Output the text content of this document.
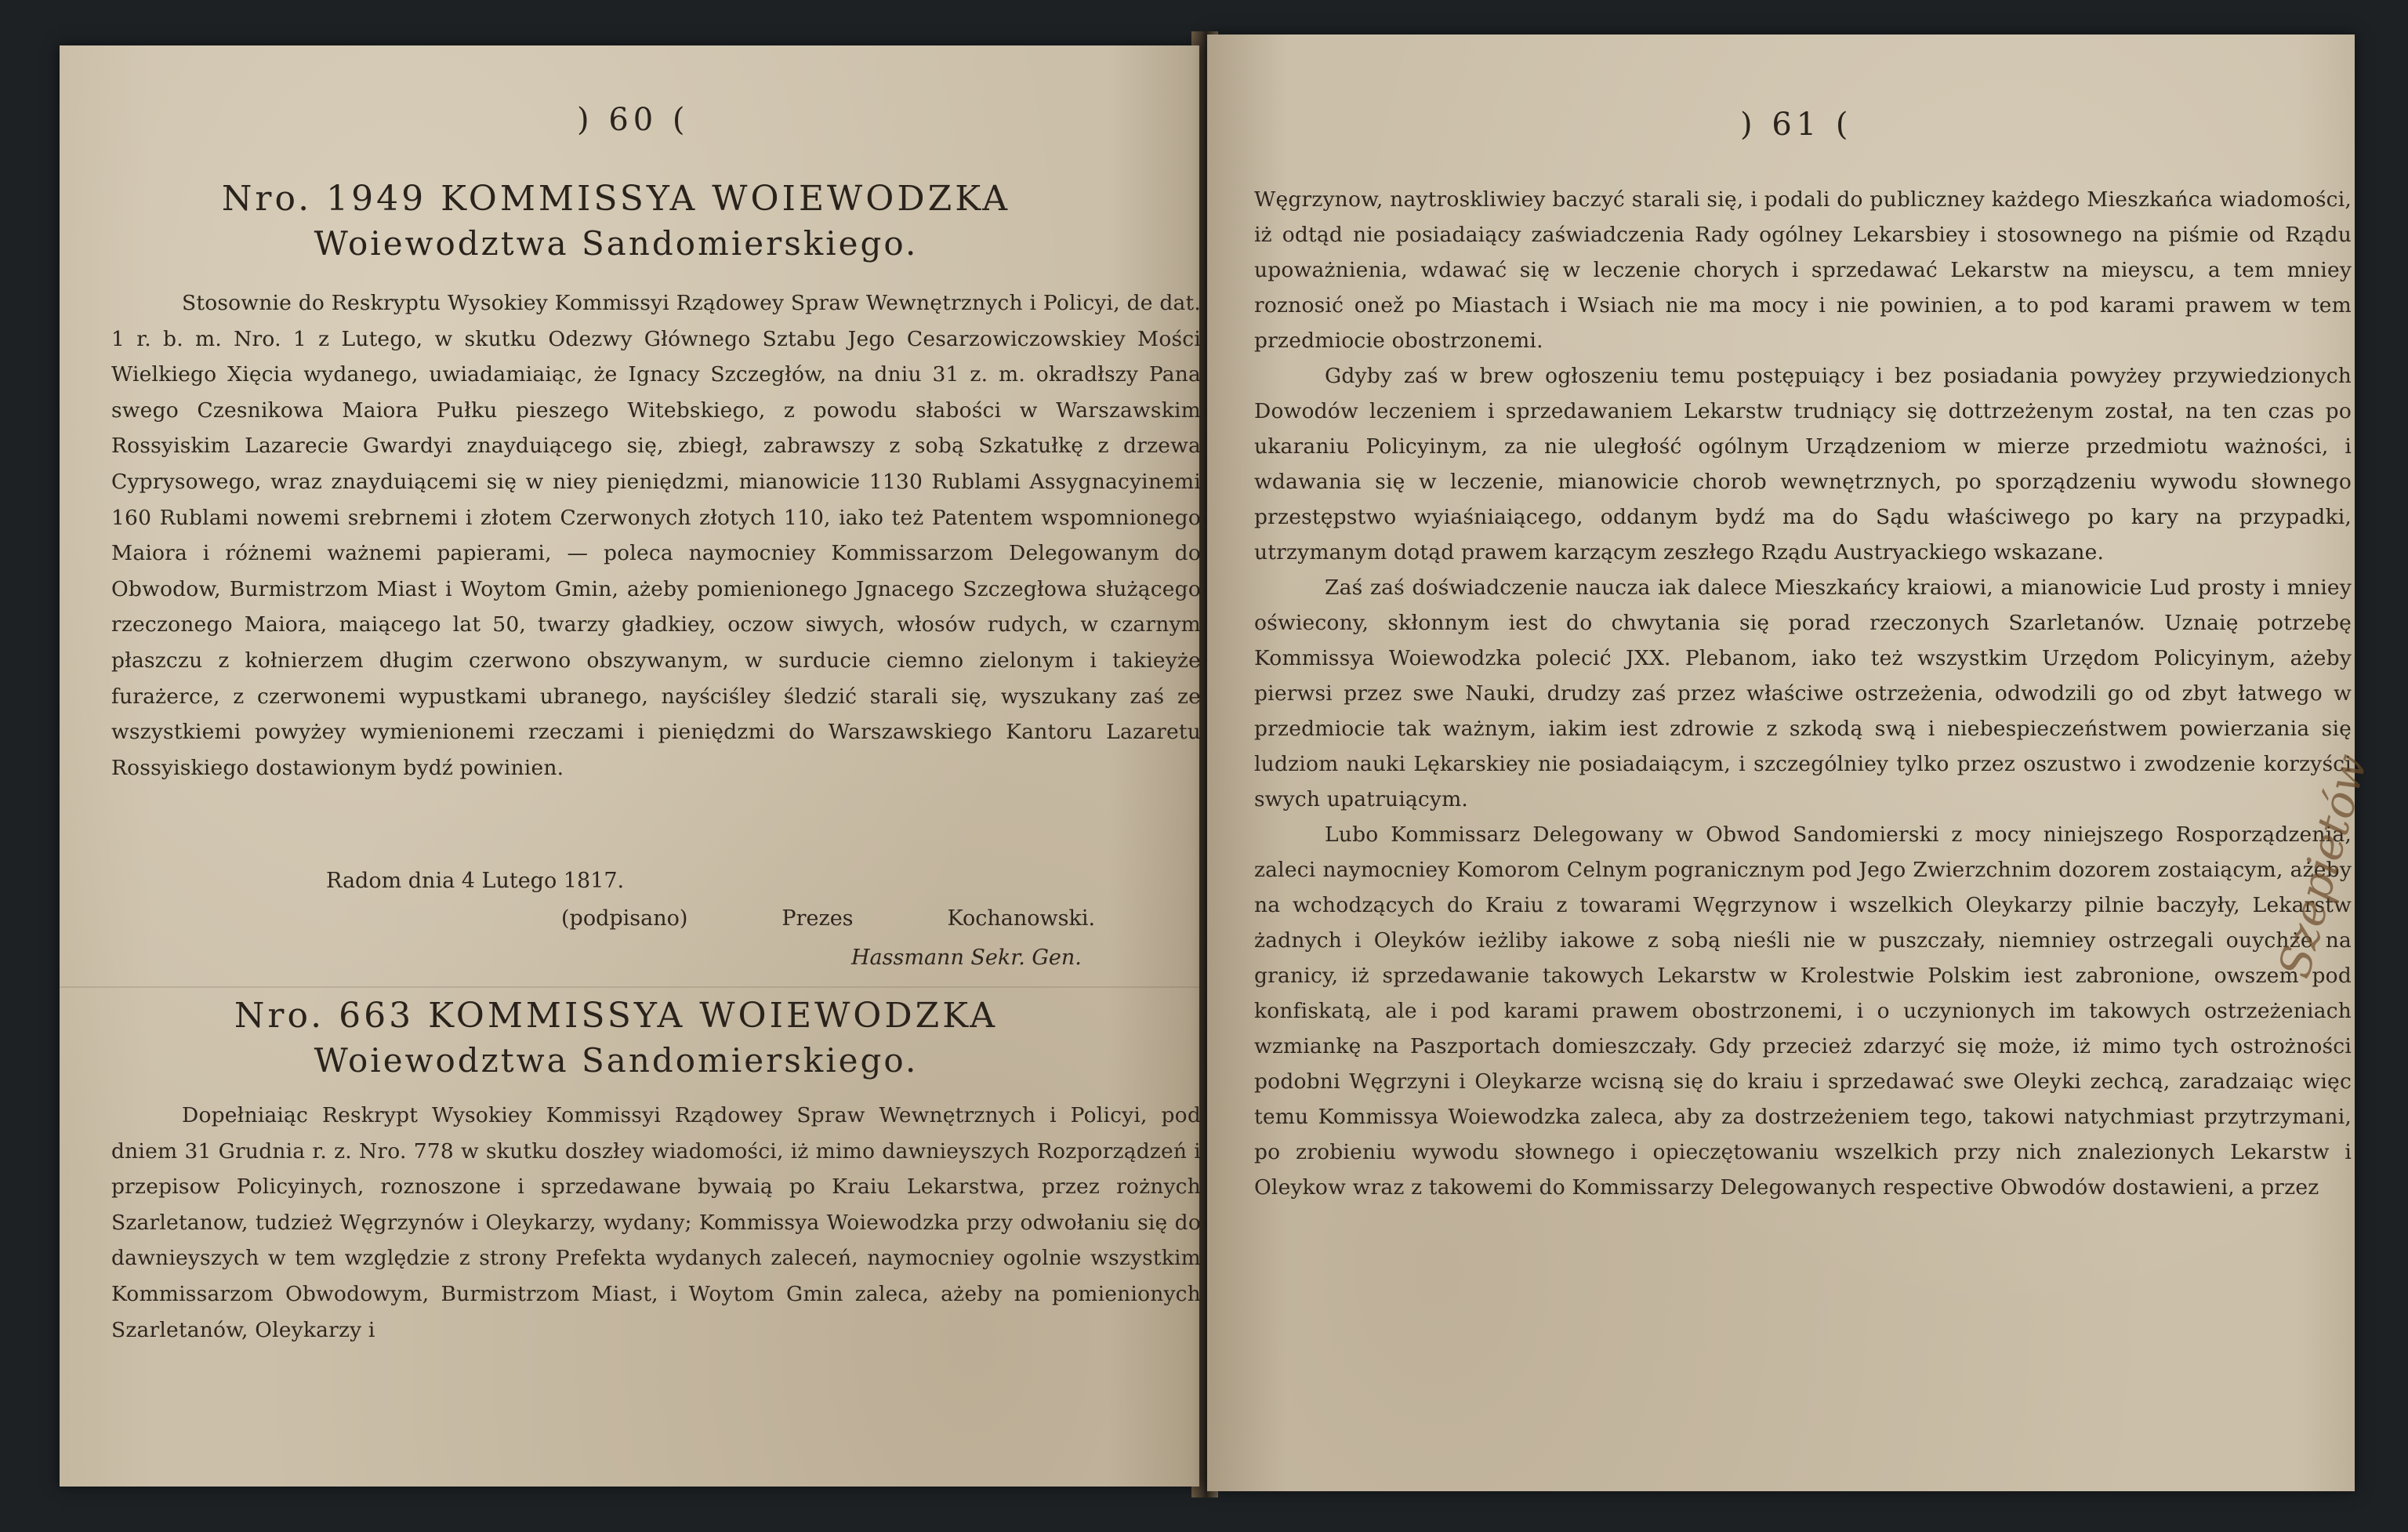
) 60 (
Nro. 1949 KOMMISSYA WOIEWODZKA
Woiewodztwa Sandomierskiego.

Stosownie do Reskryptu Wysokiey Kommissyi Rządowey Spraw Wewnętrznych i Policyi, de dat. 1 r. b. m. Nro. 1 z Lutego, w skutku Odezwy Głównego Sztabu Jego Cesarzowiczowskiey Mości Wielkiego Xięcia wydanego, uwiadamiaiąc, że Ignacy Szczegłów, na dniu 31 z. m. okradłszy Pana swego Czesnikowa Maiora Pułku pieszego Witebskiego, z powodu słabości w Warszawskim Rossyiskim Lazarecie Gwardyi znayduiącego się, zbiegł, zabrawszy z sobą Szkatułkę z drzewa Cyprysowego, wraz znayduiącemi się w niey pieniędzmi, mianowicie 1130 Rublami Assygnacyinemi 160 Rublami nowemi srebrnemi i złotem Czerwonych złotych 110, iako też Patentem wspomnionego Maiora i różnemi ważnemi papierami, — poleca naymocniey Kommissarzom Delegowanym do Obwodow, Burmistrzom Miast i Woytom Gmin, ażeby pomienionego Jgnacego Szczegłowa służącego rzeczonego Maiora, maiącego lat 50, twarzy gładkiey, oczow siwych, włosów rudych, w czarnym płaszczu z kołnierzem długim czerwono obszywanym, w surducie ciemno zielonym i takieyże furażerce, z czerwonemi wypustkami ubranego, nayściśley śledzić starali się, wyszukany zaś ze wszystkiemi powyżey wymienionemi rzeczami i pieniędzmi do Warszawskiego Kantoru Lazaretu Rossyiskiego dostawionym bydź powinien.

Radom dnia 4 Lutego 1817.
(podpisano)	Prezes	Kochanowski.
Hassmann Sekr. Gen.
Nro. 663 KOMMISSYA WOIEWODZKA
Woiewodztwa Sandomierskiego.

Dopełniaiąc Reskrypt Wysokiey Kommissyi Rządowey Spraw Wewnętrznych i Policyi, pod dniem 31 Grudnia r. z. Nro. 778 w skutku doszłey wiadomości, iż mimo dawnieyszych Rozporządzeń i przepisow Policyinych, roznoszone i sprzedawane bywaią po Kraiu Lekarstwa, przez rożnych Szarletanow, tudzież Węgrzynów i Oleykarzy, wydany; Kommissya Woiewodzka przy odwołaniu się do dawnieyszych w tem względzie z strony Prefekta wydanych zaleceń, naymocniey ogolnie wszystkim Kommissarzom Obwodowym, Burmistrzom Miast, i Woytom Gmin zaleca, ażeby na pomienionych Szarletanów, Oleykarzy i

) 61 (

Węgrzynow, naytroskliwiey baczyć starali się, i podali do publiczney każdego Mieszkańca wiadomości, iż odtąd nie posiadaiący zaświadczenia Rady ogólney Lekarsbiey i stosownego na piśmie od Rządu upoważnienia, wdawać się w leczenie chorych i sprzedawać Lekarstw na mieyscu, a tem mniey roznosić onež po Miastach i Wsiach nie ma mocy i nie powinien, a to pod karami prawem w tem przedmiocie obostrzonemi.

Gdyby zaś w brew ogłoszeniu temu postępuiący i bez posiadania powyżey przywiedzionych Dowodów leczeniem i sprzedawaniem Lekarstw trudniący się dottrzeżenym został, na ten czas po ukaraniu Policyinym, za nie uległość ogólnym Urządzeniom w mierze przedmiotu ważności, i wdawania się w leczenie, mianowicie chorob wewnętrznych, po sporządzeniu wywodu słownego przestępstwo wyiaśniaiącego, oddanym bydź ma do Sądu właściwego po kary na przypadki, utrzymanym dotąd prawem karzącym zeszłego Rządu Austryackiego wskazane.

Zaś zaś doświadczenie naucza iak dalece Mieszkańcy kraiowi, a mianowicie Lud prosty i mniey oświecony, skłonnym iest do chwytania się porad rzeczonych Szarletanów. Uznaię potrzebę Kommissya Woiewodzka polecić JXX. Plebanom, iako też wszystkim Urzędom Policyinym, ażeby pierwsi przez swe Nauki, drudzy zaś przez właściwe ostrzeżenia, odwodzili go od zbyt łatwego w przedmiocie tak ważnym, iakim iest zdrowie z szkodą swą i niebespieczeństwem powierzania się ludziom nauki Lękarskiey nie posiadaiącym, i szczególniey tylko przez oszustwo i zwodzenie korzyści swych upatruiącym.

Lubo Kommissarz Delegowany w Obwod Sandomierski z mocy niniejszego Rosporządzenia, zaleci naymocniey Komorom Celnym pogranicznym pod Jego Zwierzchnim dozorem zostaiącym, ażeby na wchodzących do Kraiu z towarami Węgrzynow i wszelkich Oleykarzy pilnie baczyły, Lekarstw żadnych i Oleyków ieżliby iakowe z sobą nieśli nie w puszczały, niemniey ostrzegali ouychże na granicy, iż sprzedawanie takowych Lekarstw w Krolestwie Polskim iest zabronione, owszem pod konfiskatą, ale i pod karami prawem obostrzonemi, i o uczynionych im takowych ostrzeżeniach wzmiankę na Paszportach domieszczały. Gdy przecież zdarzyć się może, iż mimo tych ostrożności podobni Węgrzyni i Oleykarze wcisną się do kraiu i sprzedawać swe Oleyki zechcą, zaradzaiąc więc temu Kommissya Woiewodzka zaleca, aby za dostrzeżeniem tego, takowi natychmiast przytrzymani, po zrobieniu wywodu słownego i opieczętowaniu wszelkich przy nich znalezionych Lekarstw i Oleykow wraz z takowemi do Kommissarzy Delegowanych respective Obwodów dostawieni, a przez

Szepietów
